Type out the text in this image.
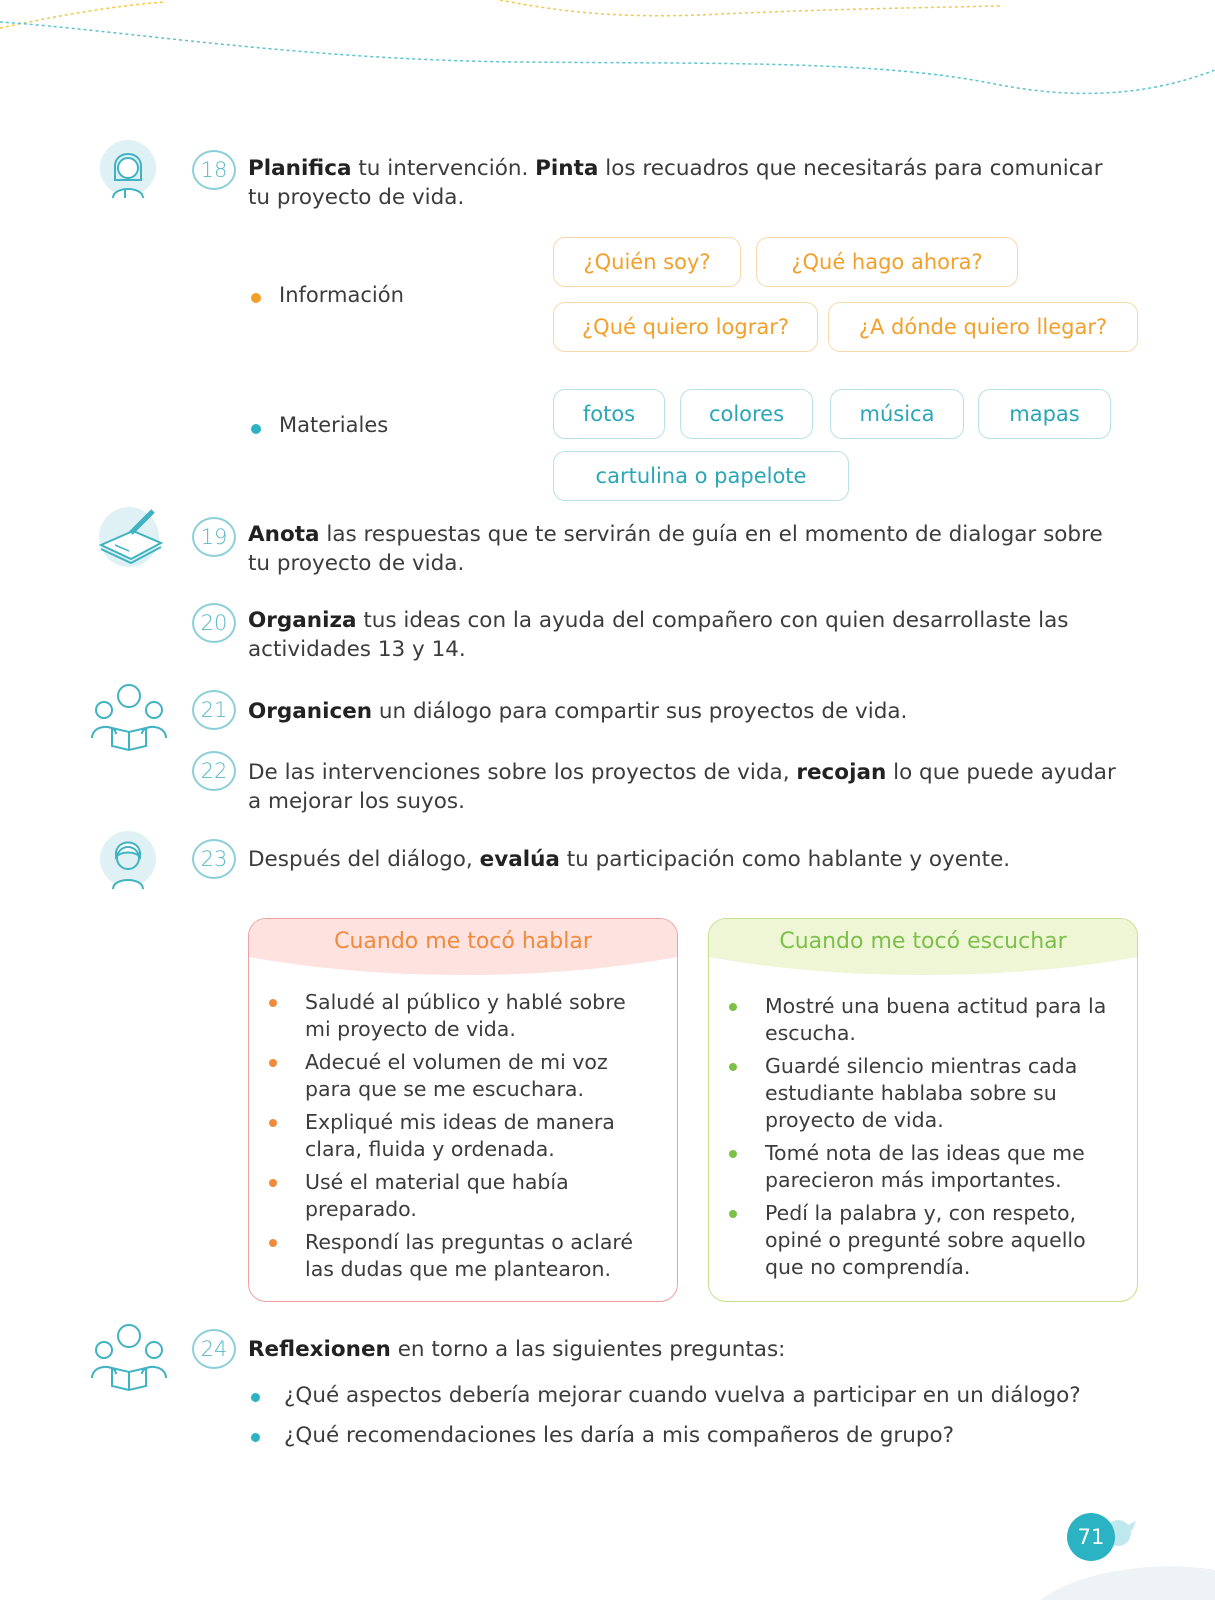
18 Planifica tu intervención. Pinta los recuadros que necesitarás para comunicar tu proyecto de vida.
Información
¿Quién soy?	¿Qué hago ahora?
¿Qué quiero lograr?	¿A dónde quiero llegar?
Materiales	fotos	colores	música	mapas
cartulina o papelote
19 Anota las respuestas que te servirán de guía en el momento de dialogar sobre tu proyecto de vida.
20 Organiza tus ideas con la ayuda del compañero con quien desarrollaste las actividades 13 y 14.
21 Organicen un diálogo para compartir sus proyectos de vida.
22 De las intervenciones sobre los proyectos de vida, recojan lo que puede ayudar a mejorar los suyos.
23 Después del diálogo, evalúa tu participación como hablante y oyente.
Cuando me tocó hablar
Saludé al público y hablé sobre mi proyecto de vida.
Adecué el volumen de mi voz para que se me escuchara.
Expliqué mis ideas de manera clara, fluida y ordenada.
Usé el material que había preparado.
Respondí las preguntas o aclaré las dudas que me plantearon.
Cuando me tocó escuchar
Mostré una buena actitud para la escucha.
Guardé silencio mientras cada estudiante hablaba sobre su proyecto de vida.
Tomé nota de las ideas que me parecieron más importantes.
Pedí la palabra y, con respeto, opiné o pregunté sobre aquello que no comprendía.
24 Reflexionen en torno a las siguientes preguntas:
¿Qué aspectos debería mejorar cuando vuelva a participar en un diálogo?
¿Qué recomendaciones les daría a mis compañeros de grupo?
71
